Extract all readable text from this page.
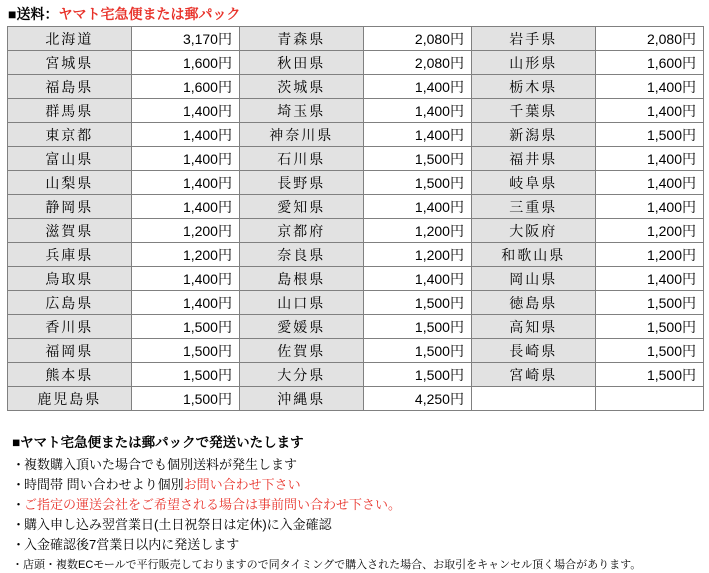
■送料：ヤマト宅急便または郵パック
北海道	3,170円	青森県	2,080円	岩手県	2,080円
宮城県	1,600円	秋田県	2,080円	山形県	1,600円
福島県	1,600円	茨城県	1,400円	栃木県	1,400円
群馬県	1,400円	埼玉県	1,400円	千葉県	1,400円
東京都	1,400円	神奈川県	1,400円	新潟県	1,500円
富山県	1,400円	石川県	1,500円	福井県	1,400円
山梨県	1,400円	長野県	1,500円	岐阜県	1,400円
静岡県	1,400円	愛知県	1,400円	三重県	1,400円
滋賀県	1,200円	京都府	1,200円	大阪府	1,200円
兵庫県	1,200円	奈良県	1,200円	和歌山県	1,200円
鳥取県	1,400円	島根県	1,400円	岡山県	1,400円
広島県	1,400円	山口県	1,500円	徳島県	1,500円
香川県	1,500円	愛媛県	1,500円	高知県	1,500円
福岡県	1,500円	佐賀県	1,500円	長崎県	1,500円
熊本県	1,500円	大分県	1,500円	宮崎県	1,500円
鹿児島県	1,500円	沖縄県	4,250円		
■ヤマト宅急便または郵パックで発送いたします
・複数購入頂いた場合でも個別送料が発生します
・時間帯 問い合わせより個別お問い合わせ下さい
・ご指定の運送会社をご希望される場合は事前問い合わせ下さい。
・購入申し込み翌営業日(土日祝祭日は定休)に入金確認
・入金確認後7営業日以内に発送します
・店頭・複数ECモールで平行販売しておりますので同タイミングで購入された場合、お取引をキャンセル頂く場合があります。
